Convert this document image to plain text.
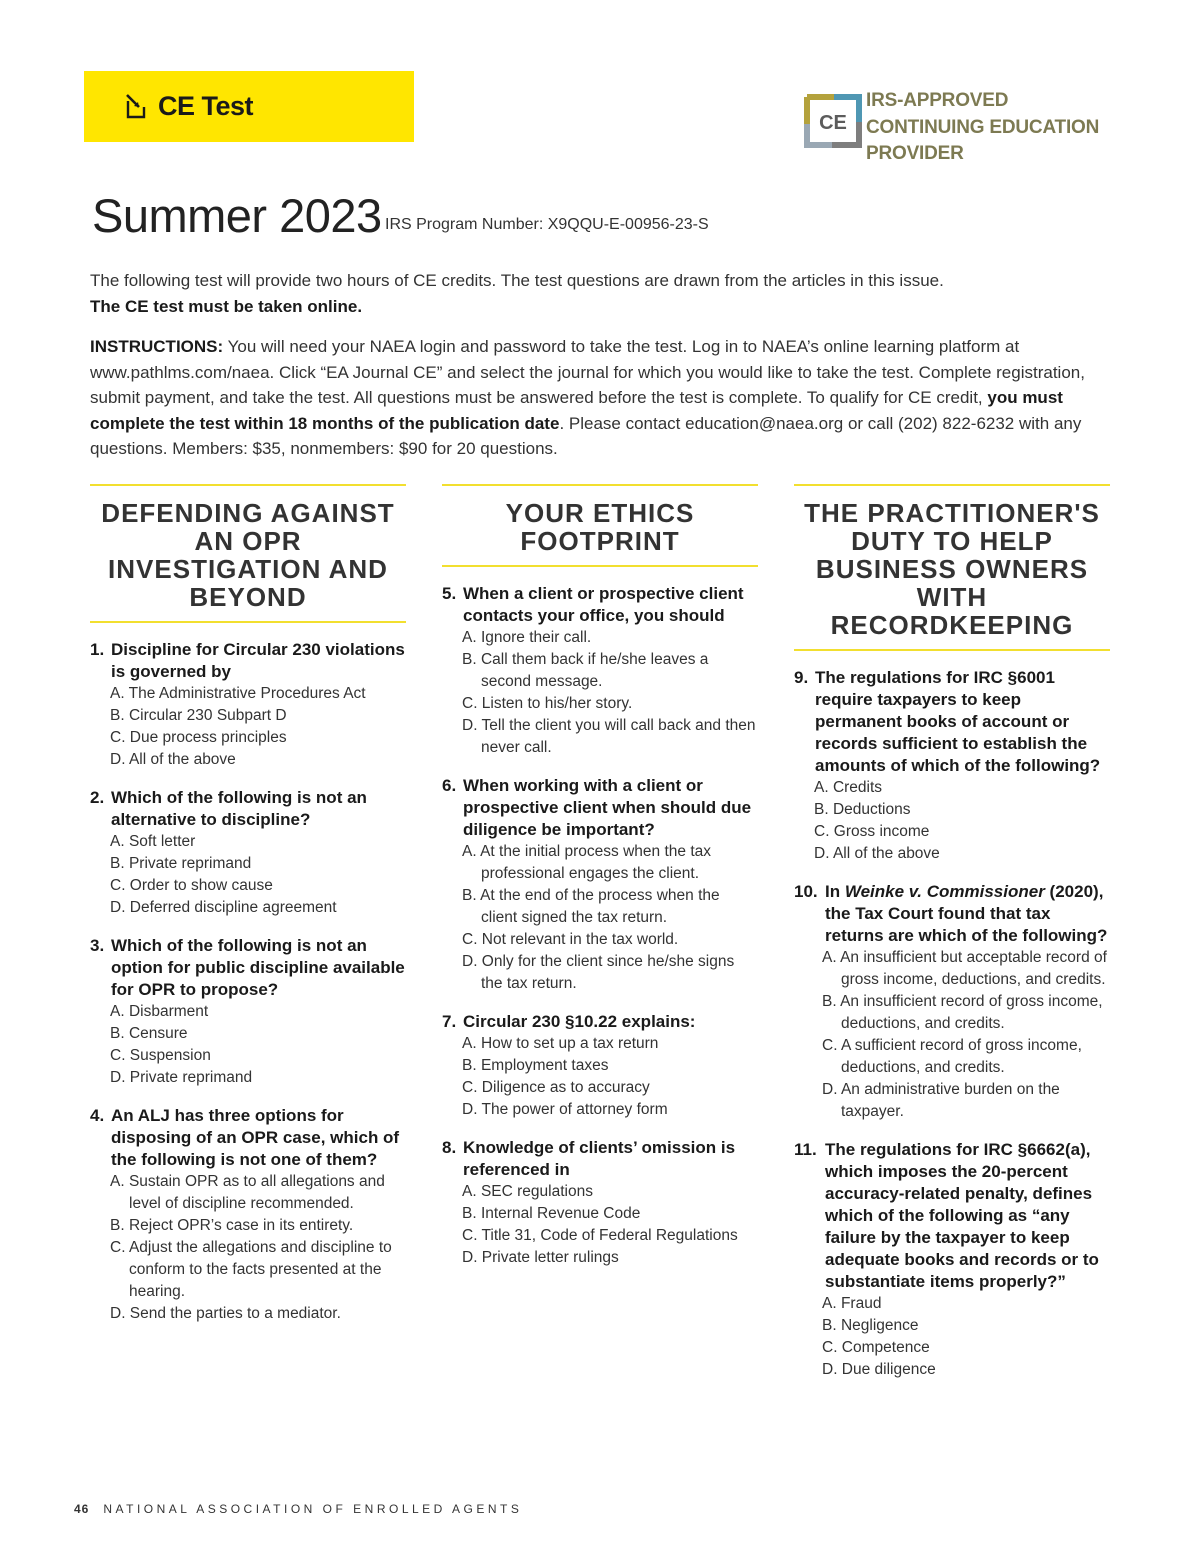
CE Test
CE
IRS-APPROVED
CONTINUING EDUCATION
PROVIDER
Summer 2023 IRS Program Number: X9QQU-E-00956-23-S
The following test will provide two hours of CE credits. The test questions are drawn from the articles in this issue.
The CE test must be taken online.
INSTRUCTIONS: You will need your NAEA login and password to take the test. Log in to NAEA’s online learning platform at www.pathlms.com/naea. Click “EA Journal CE” and select the journal for which you would like to take the test. Complete registration, submit payment, and take the test. All questions must be answered before the test is complete. To qualify for CE credit, you must complete the test within 18 months of the publication date. Please contact education@naea.org or call (202) 822-6232 with any questions. Members: $35, nonmembers: $90 for 20 questions.
DEFENDING AGAINST AN OPR INVESTIGATION AND BEYOND
1. Discipline for Circular 230 violations is governed by
A. The Administrative Procedures Act
B. Circular 230 Subpart D
C. Due process principles
D. All of the above
2. Which of the following is not an alternative to discipline?
A. Soft letter
B. Private reprimand
C. Order to show cause
D. Deferred discipline agreement
3. Which of the following is not an option for public discipline available for OPR to propose?
A. Disbarment
B. Censure
C. Suspension
D. Private reprimand
4. An ALJ has three options for disposing of an OPR case, which of the following is not one of them?
A. Sustain OPR as to all allegations and level of discipline recommended.
B. Reject OPR’s case in its entirety.
C. Adjust the allegations and discipline to conform to the facts presented at the hearing.
D. Send the parties to a mediator.
YOUR ETHICS FOOTPRINT
5. When a client or prospective client contacts your office, you should
A. Ignore their call.
B. Call them back if he/she leaves a second message.
C. Listen to his/her story.
D. Tell the client you will call back and then never call.
6. When working with a client or prospective client when should due diligence be important?
A. At the initial process when the tax professional engages the client.
B. At the end of the process when the client signed the tax return.
C. Not relevant in the tax world.
D. Only for the client since he/she signs the tax return.
7. Circular 230 §10.22 explains:
A. How to set up a tax return
B. Employment taxes
C. Diligence as to accuracy
D. The power of attorney form
8. Knowledge of clients’ omission is referenced in
A. SEC regulations
B. Internal Revenue Code
C. Title 31, Code of Federal Regulations
D. Private letter rulings
THE PRACTITIONER'S DUTY TO HELP BUSINESS OWNERS WITH RECORDKEEPING
9. The regulations for IRC §6001 require taxpayers to keep permanent books of account or records sufficient to establish the amounts of which of the following?
A. Credits
B. Deductions
C. Gross income
D. All of the above
10. In Weinke v. Commissioner (2020), the Tax Court found that tax returns are which of the following?
A. An insufficient but acceptable record of gross income, deductions, and credits.
B. An insufficient record of gross income, deductions, and credits.
C. A sufficient record of gross income, deductions, and credits.
D. An administrative burden on the taxpayer.
11. The regulations for IRC §6662(a), which imposes the 20-percent accuracy-related penalty, defines which of the following as “any failure by the taxpayer to keep adequate books and records or to substantiate items properly?”
A. Fraud
B. Negligence
C. Competence
D. Due diligence
46 NATIONAL ASSOCIATION OF ENROLLED AGENTS
